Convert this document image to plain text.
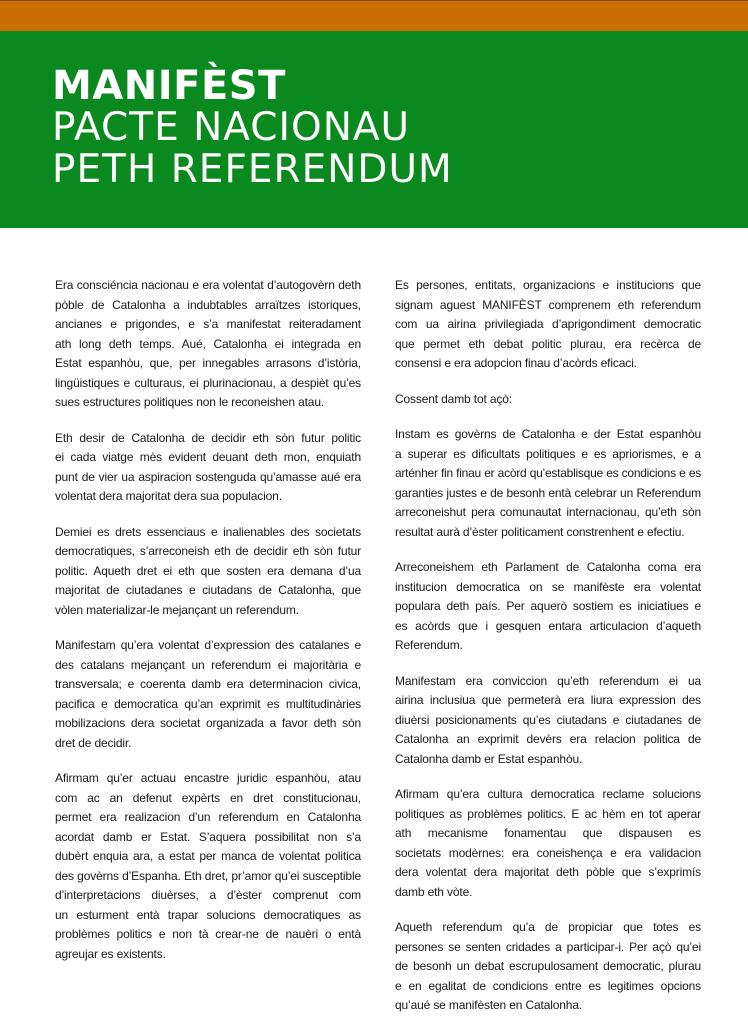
MANIFÈST
PACTE NACIONAU
PETH REFERENDUM
Era consciéncia nacionau e era volentat d’autogovèrn deth
pòble de Catalonha a indubtables arraïtzes istoriques,
ancianes e prigondes, e s’a manifestat reiteradament
ath long deth temps. Aué, Catalonha ei integrada en
Estat espanhòu, que, per innegables arrasons d’istòria,
lingüistiques e culturaus, ei plurinacionau, a despièt qu’es
sues estructures politiques non le reconeishen atau.
Eth desir de Catalonha de decidir eth sòn futur politic
ei cada viatge mès evident deuant deth mon, enquiath
punt de vier ua aspiracion sostenguda qu’amasse aué era
volentat dera majoritat dera sua populacion.
Demiei es drets essenciaus e inalienables des societats
democratiques, s’arreconeish eth de decidir eth sòn futur
politic. Aqueth dret ei eth que sosten era demana d’ua
majoritat de ciutadanes e ciutadans de Catalonha, que
vòlen materializar-le mejançant un referendum.
Manifestam qu’era volentat d’expression des catalanes e
des catalans mejançant un referendum ei majoritària e
transversala; e coerenta damb era determinacion civica,
pacifica e democratica qu’an exprimit es multitudinàries
mobilizacions dera societat organizada a favor deth sòn
dret de decidir.
Afirmam qu’er actuau encastre juridic espanhòu, atau
com ac an defenut expèrts en dret constitucionau,
permet era realizacion d’un referendum en Catalonha
acordat damb er Estat. S’aquera possibilitat non s’a
dubèrt enquia ara, a estat per manca de volentat politica
des govèrns d’Espanha. Eth dret, pr’amor qu’ei susceptible
d’interpretacions diuèrses, a d’èster comprenut com
un esturment entà trapar solucions democratiques as
problèmes politics e non tà crear-ne de nauèri o entà
agreujar es existents.
Es persones, entitats, organizacions e institucions que
signam aguest MANIFÈST comprenem eth referendum
com ua airina privilegiada d’aprigondiment democratic
que permet eth debat politic plurau, era recèrca de
consensi e era adopcion finau d’acòrds eficaci.
Cossent damb tot açò:
Instam es govèrns de Catalonha e der Estat espanhòu
a superar es dificultats politiques e es apriorismes, e a
arténher fin finau er acòrd qu’establisque es condicions e es
garanties justes e de besonh entà celebrar un Referendum
arreconeishut pera comunautat internacionau, qu’eth sòn
resultat aurà d’èster politicament constrenhent e efectiu.
Arreconeishem eth Parlament de Catalonha coma era
institucion democratica on se manifèste era volentat
populara deth país. Per aquerò sostiem es iniciatiues e
es acòrds que i gesquen entara articulacion d’aqueth
Referendum.
Manifestam era conviccion qu’eth referendum ei ua
airina inclusiua que permeterà era liura expression des
diuèrsi posicionaments qu’es ciutadans e ciutadanes de
Catalonha an exprimit devèrs era relacion politica de
Catalonha damb er Estat espanhòu.
Afirmam qu’era cultura democratica reclame solucions
politiques as problèmes politics. E ac hèm en tot aperar
ath mecanisme fonamentau que dispausen es
societats modèrnes: era coneishença e era validacion
dera volentat dera majoritat deth pòble que s’exprimís
damb eth vòte.
Aqueth referendum qu’a de propiciar que totes es
persones se senten cridades a participar-i. Per açò qu’ei
de besonh un debat escrupulosament democratic, plurau
e en egalitat de condicions entre es legitimes opcions
qu’aué se manifèsten en Catalonha.
